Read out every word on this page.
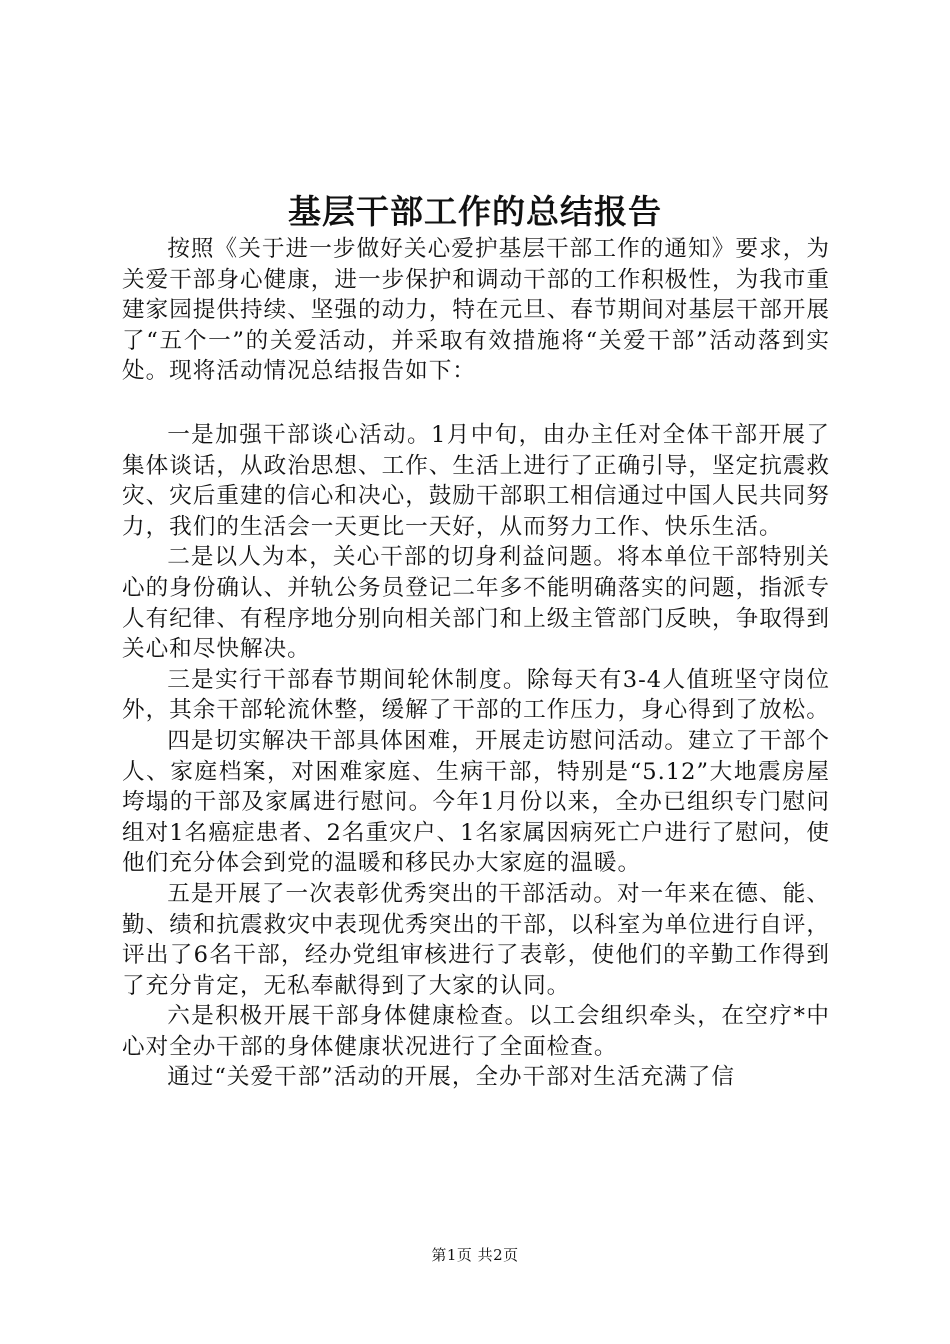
基层干部工作的总结报告

按照《关于进一步做好关心爱护基层干部工作的通知》要求，为关爱干部身心健康，进一步保护和调动干部的工作积极性，为我市重建家园提供持续、坚强的动力，特在元旦、春节期间对基层干部开展了“五个一”的关爱活动，并采取有效措施将“关爱干部”活动落到实处。现将活动情况总结报告如下：

一是加强干部谈心活动。1月中旬，由办主任对全体干部开展了集体谈话，从政治思想、工作、生活上进行了正确引导，坚定抗震救灾、灾后重建的信心和决心，鼓励干部职工相信通过中国人民共同努力，我们的生活会一天更比一天好，从而努力工作、快乐生活。

二是以人为本，关心干部的切身利益问题。将本单位干部特别关心的身份确认、并轨公务员登记二年多不能明确落实的问题，指派专人有纪律、有程序地分别向相关部门和上级主管部门反映，争取得到关心和尽快解决。

三是实行干部春节期间轮休制度。除每天有3-4人值班坚守岗位外，其余干部轮流休整，缓解了干部的工作压力，身心得到了放松。

四是切实解决干部具体困难，开展走访慰问活动。建立了干部个人、家庭档案，对困难家庭、生病干部，特别是“5.12”大地震房屋垮塌的干部及家属进行慰问。今年1月份以来，全办已组织专门慰问组对1名癌症患者、2名重灾户、1名家属因病死亡户进行了慰问，使他们充分体会到党的温暖和移民办大家庭的温暖。

五是开展了一次表彰优秀突出的干部活动。对一年来在德、能、勤、绩和抗震救灾中表现优秀突出的干部，以科室为单位进行自评，评出了6名干部，经办党组审核进行了表彰，使他们的辛勤工作得到了充分肯定，无私奉献得到了大家的认同。

六是积极开展干部身体健康检查。以工会组织牵头，在空疗*中心对全办干部的身体健康状况进行了全面检查。

通过“关爱干部”活动的开展，全办干部对生活充满了信

第1页 共2页
